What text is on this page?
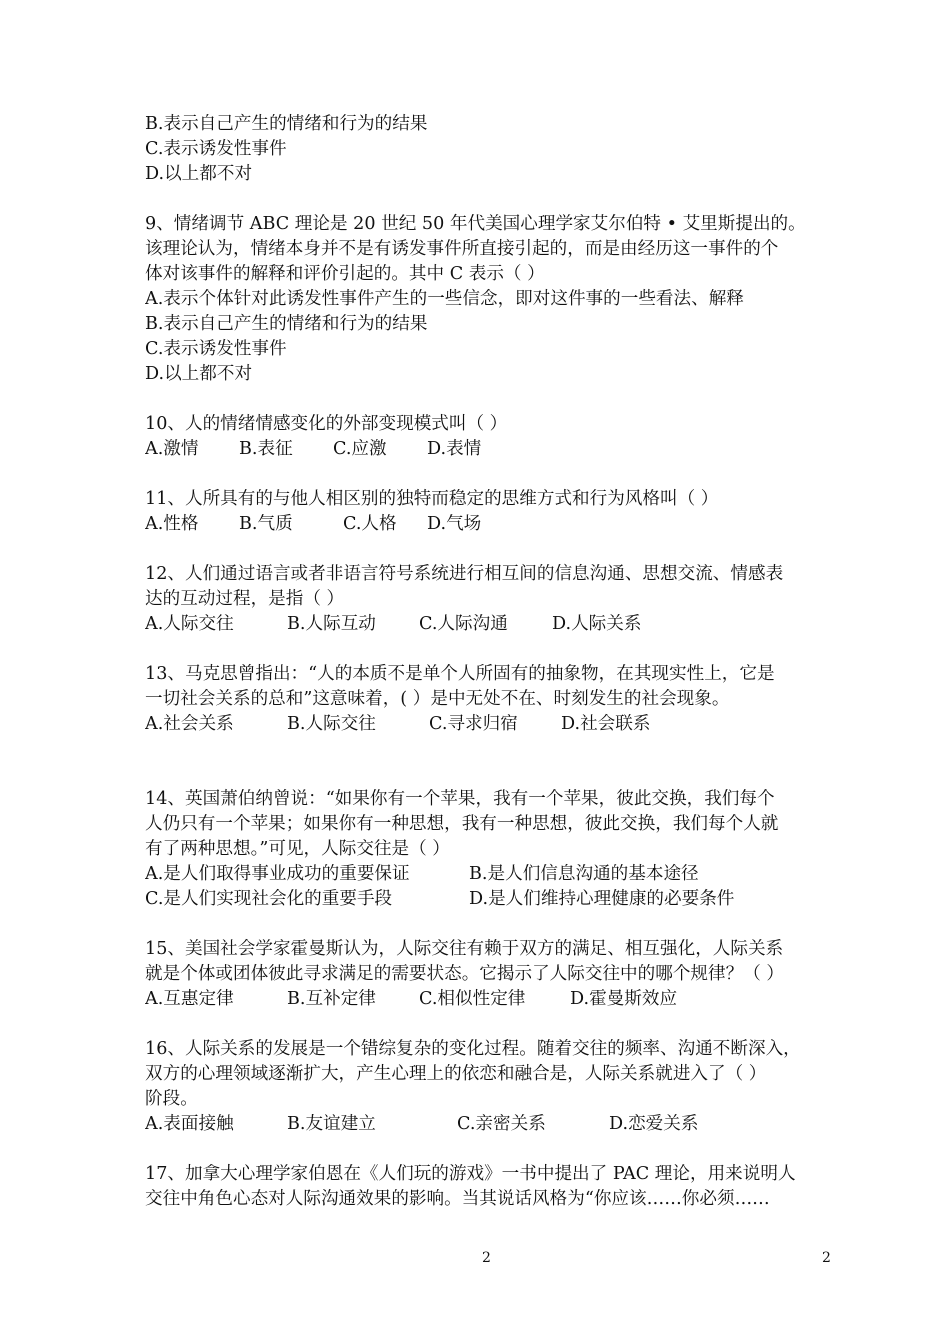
B.表示自己产生的情绪和行为的结果
C.表示诱发性事件
D.以上都不对
9、情绪调节 ABC 理论是 20 世纪 50 年代美国心理学家艾尔伯特 • 艾里斯提出的。
该理论认为，情绪本身并不是有诱发事件所直接引起的，而是由经历这一事件的个
体对该事件的解释和评价引起的。其中 C 表示（ ）
A.表示个体针对此诱发性事件产生的一些信念，即对这件事的一些看法、解释
B.表示自己产生的情绪和行为的结果
C.表示诱发性事件
D.以上都不对
10、人的情绪情感变化的外部变现模式叫（ ）
A.激情	B.表征	C.应激	D.表情
11、人所具有的与他人相区别的独特而稳定的思维方式和行为风格叫（ ）
A.性格	B.气质	C.人格	D.气场
12、人们通过语言或者非语言符号系统进行相互间的信息沟通、思想交流、情感表
达的互动过程，是指（ ）
A.人际交往	B.人际互动	C.人际沟通	D.人际关系
13、马克思曾指出：“人的本质不是单个人所固有的抽象物，在其现实性上，它是
一切社会关系的总和”这意味着，( ）是中无处不在、时刻发生的社会现象。
A.社会关系	B.人际交往	C.寻求归宿	D.社会联系
14、英国萧伯纳曾说：“如果你有一个苹果，我有一个苹果，彼此交换，我们每个
人仍只有一个苹果；如果你有一种思想，我有一种思想，彼此交换，我们每个人就
有了两种思想。”可见，人际交往是（ ）
A.是人们取得事业成功的重要保证	B.是人们信息沟通的基本途径
C.是人们实现社会化的重要手段	D.是人们维持心理健康的必要条件
15、美国社会学家霍曼斯认为，人际交往有赖于双方的满足、相互强化，人际关系
就是个体或团体彼此寻求满足的需要状态。它揭示了人际交往中的哪个规律？（ ）
A.互惠定律	B.互补定律	C.相似性定律	D.霍曼斯效应
16、人际关系的发展是一个错综复杂的变化过程。随着交往的频率、沟通不断深入，
双方的心理领域逐渐扩大，产生心理上的依恋和融合是，人际关系就进入了（ ）
阶段。
A.表面接触	B.友谊建立	C.亲密关系	D.恋爱关系
17、加拿大心理学家伯恩在《人们玩的游戏》一书中提出了 PAC 理论，用来说明人
交往中角色心态对人际沟通效果的影响。当其说话风格为“你应该……你必须……
2	2
